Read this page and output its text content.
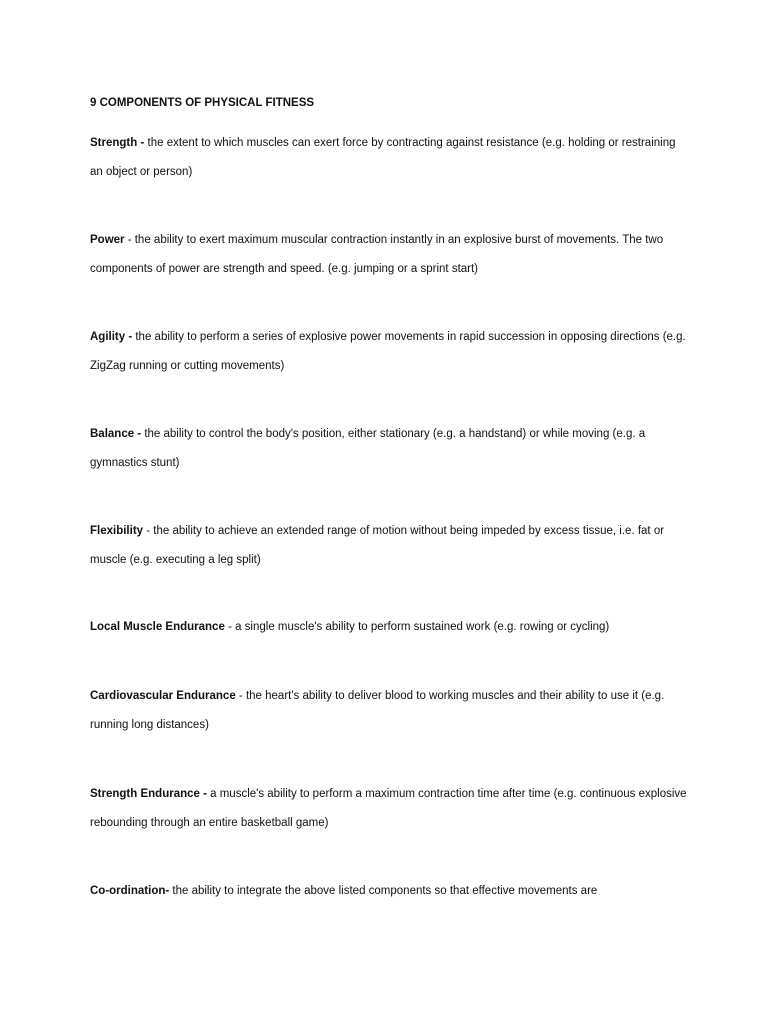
9 COMPONENTS OF PHYSICAL FITNESS

Strength - the extent to which muscles can exert force by contracting against resistance (e.g. holding or restraining an object or person)

Power - the ability to exert maximum muscular contraction instantly in an explosive burst of movements. The two components of power are strength and speed. (e.g. jumping or a sprint start)

Agility - the ability to perform a series of explosive power movements in rapid succession in opposing directions (e.g. ZigZag running or cutting movements)

Balance - the ability to control the body's position, either stationary (e.g. a handstand) or while moving (e.g. a gymnastics stunt)

Flexibility - the ability to achieve an extended range of motion without being impeded by excess tissue, i.e. fat or muscle (e.g. executing a leg split)

Local Muscle Endurance - a single muscle's ability to perform sustained work (e.g. rowing or cycling)

Cardiovascular Endurance - the heart's ability to deliver blood to working muscles and their ability to use it (e.g. running long distances)

Strength Endurance - a muscle's ability to perform a maximum contraction time after time (e.g. continuous explosive rebounding through an entire basketball game)

Co-ordination- the ability to integrate the above listed components so that effective movements are
